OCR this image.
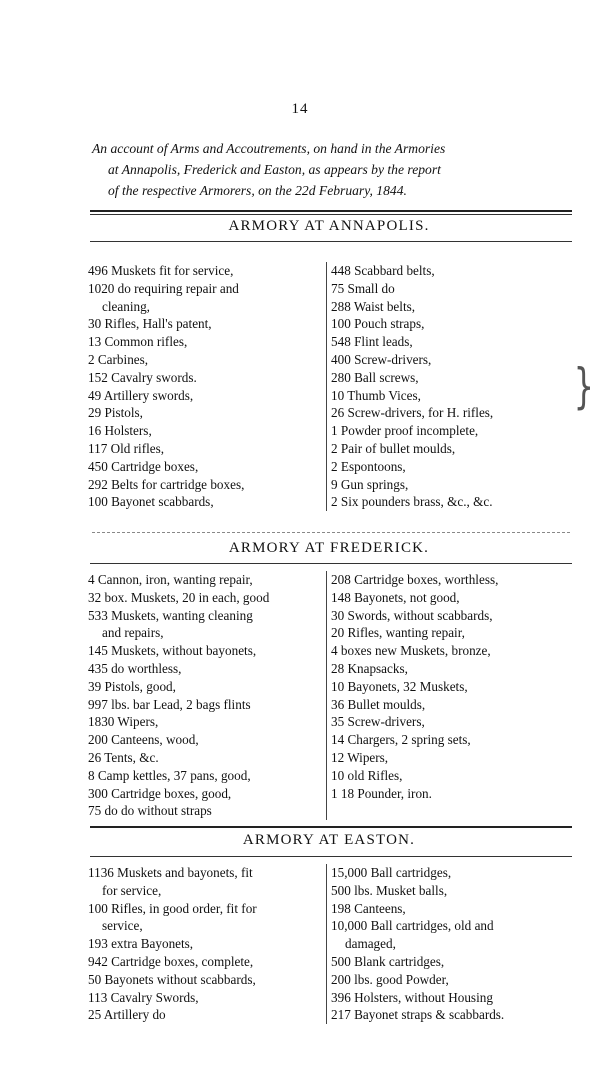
14
An account of Arms and Accoutrements, on hand in the Armories
at Annapolis, Frederick and Easton, as appears by the report
of the respective Armorers, on the 22d February, 1844.
ARMORY AT ANNAPOLIS.
496 Muskets fit for service,
1020 do requiring repair and
cleaning,
30 Rifles, Hall's patent,
13 Common rifles,
2 Carbines,
152 Cavalry swords.
49 Artillery swords,
29 Pistols,
16 Holsters,
117 Old rifles,
450 Cartridge boxes,
292 Belts for cartridge boxes,
100 Bayonet scabbards,
448 Scabbard belts,
75 Small do
288 Waist belts,
100 Pouch straps,
548 Flint leads,
400 Screw-drivers,
280 Ball screws,
10 Thumb Vices,
26 Screw-drivers, for H. rifles,
1 Powder proof incomplete,
2 Pair of bullet moulds,
2 Espontoons,
9 Gun springs,
2 Six pounders brass, &c., &c.
ARMORY AT FREDERICK.
4 Cannon, iron, wanting repair,
32 box. Muskets, 20 in each, good
533 Muskets, wanting cleaning
and repairs,
145 Muskets, without bayonets,
435 do worthless,
39 Pistols, good,
997 lbs. bar Lead, 2 bags flints
1830 Wipers,
200 Canteens, wood,
26 Tents, &c.
8 Camp kettles, 37 pans, good,
300 Cartridge boxes, good,
75 do do without straps
208 Cartridge boxes, worthless,
148 Bayonets, not good,
30 Swords, without scabbards,
20 Rifles, wanting repair,
4 boxes new Muskets, bronze,
28 Knapsacks,
10 Bayonets, 32 Muskets,
36 Bullet moulds,
35 Screw-drivers,
14 Chargers, 2 spring sets,
12 Wipers,
10 old Rifles,
1 18 Pounder, iron.

ARMORY AT EASTON.
1136 Muskets and bayonets, fit
for service,
100 Rifles, in good order, fit for
service,
193 extra Bayonets,
942 Cartridge boxes, complete,
50 Bayonets without scabbards,
113 Cavalry Swords,
25 Artillery do
15,000 Ball cartridges,
500 lbs. Musket balls,
198 Canteens,
10,000 Ball cartridges, old and
damaged,
500 Blank cartridges,
200 lbs. good Powder,
396 Holsters, without Housing
217 Bayonet straps & scabbards.
}
